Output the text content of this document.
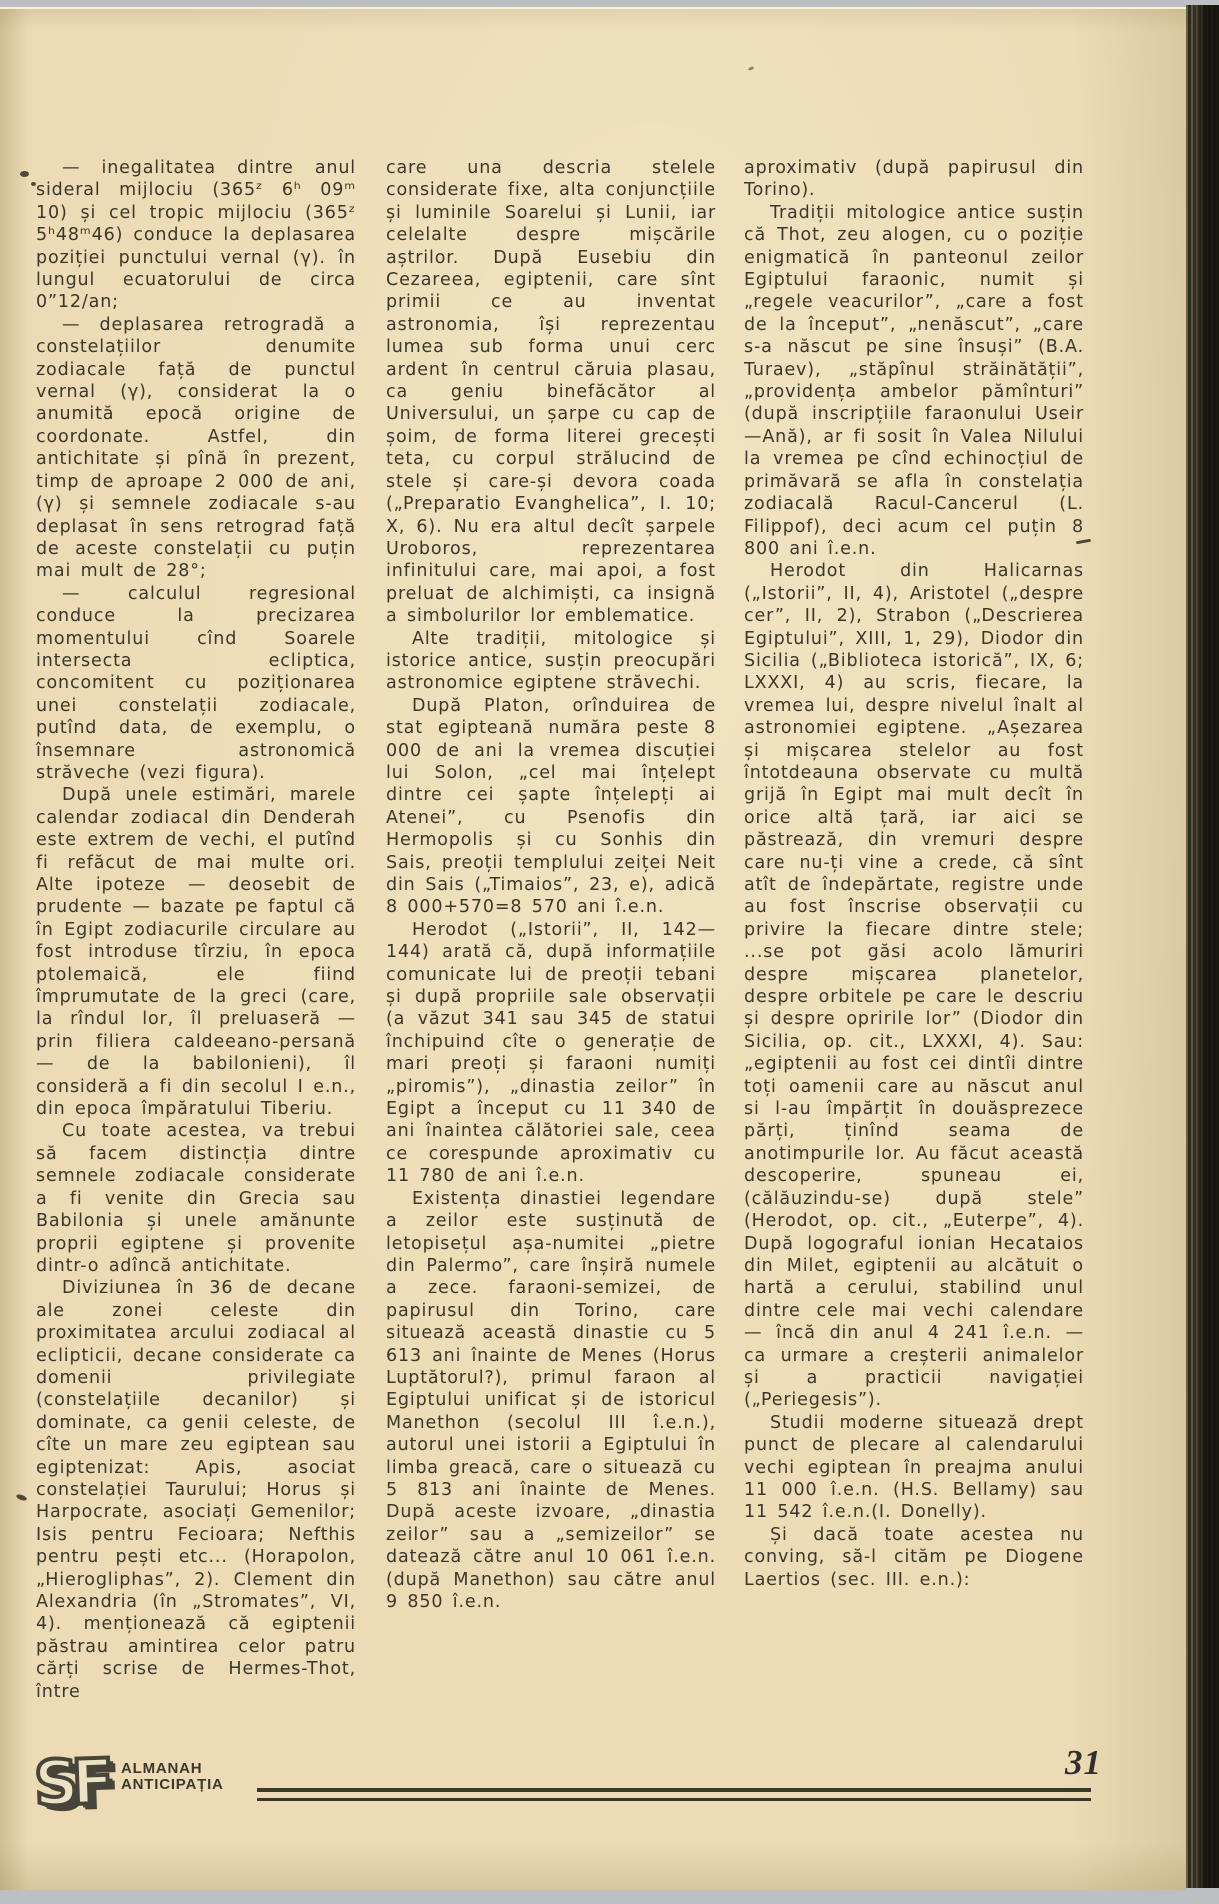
— inegalitatea dintre anul sideral mijlociu (365ᶻ 6ʰ 09ᵐ 10) și cel tropic mijlociu (365ᶻ 5ʰ48ᵐ46) conduce la deplasarea poziției punctului vernal (γ). în lungul ecuatorului de circa 0”12/an;

— deplasarea retrogradă a constelațiilor denumite zodiacale față de punctul vernal (γ), considerat la o anumită epocă origine de coordonate. Astfel, din antichitate și pînă în prezent, timp de aproape 2 000 de ani, (γ) și semnele zodiacale s-au deplasat în sens retrograd față de aceste constelații cu puțin mai mult de 28°;

— calculul regresional conduce la precizarea momentului cînd Soarele intersecta ecliptica, concomitent cu poziționarea unei constelații zodiacale, putînd data, de exemplu, o însemnare astronomică străveche (vezi figura).

După unele estimări, marele calendar zodiacal din Denderah este extrem de vechi, el putînd fi refăcut de mai multe ori. Alte ipoteze — deosebit de prudente — bazate pe faptul că în Egipt zodiacurile circulare au fost introduse tîrziu, în epoca ptolemaică, ele fiind împrumutate de la greci (care, la rîndul lor, îl preluaseră — prin filiera caldeeano-persană — de la babilonieni), îl consideră a fi din secolul I e.n., din epoca împăratului Tiberiu.

Cu toate acestea, va trebui să facem distincția dintre semnele zodiacale considerate a fi venite din Grecia sau Babilonia și unele amănunte proprii egiptene și provenite dintr-o adîncă antichitate.

Diviziunea în 36 de decane ale zonei celeste din proximitatea arcului zodiacal al eclipticii, decane considerate ca domenii privilegiate (constelațiile decanilor) și dominate, ca genii celeste, de cîte un mare zeu egiptean sau egiptenizat: Apis, asociat constelației Taurului; Horus și Harpocrate, asociați Gemenilor; Isis pentru Fecioara; Nefthis pentru pești etc... (Horapolon, „Hierogliphas”, 2). Clement din Alexandria (în „Stromates”, VI, 4). menționează că egiptenii păstrau amintirea celor patru cărți scrise de Hermes-Thot, între

care una descria stelele considerate fixe, alta conjuncțiile și luminile Soarelui și Lunii, iar celelalte despre mișcările aștrilor. După Eusebiu din Cezareea, egiptenii, care sînt primii ce au inventat astronomia, își reprezentau lumea sub forma unui cerc ardent în centrul căruia plasau, ca geniu binefăcător al Universului, un șarpe cu cap de șoim, de forma literei grecești teta, cu corpul strălucind de stele și care-și devora coada („Preparatio Evanghelica”, I. 10; X, 6). Nu era altul decît șarpele Uroboros, reprezentarea infinitului care, mai apoi, a fost preluat de alchimiști, ca insignă a simbolurilor lor emblematice.

Alte tradiții, mitologice și istorice antice, susțin preocupări astronomice egiptene străvechi.

După Platon, orînduirea de stat egipteană număra peste 8 000 de ani la vremea discuției lui Solon, „cel mai înțelept dintre cei șapte înțelepți ai Atenei”, cu Psenofis din Hermopolis și cu Sonhis din Sais, preoții templului zeiței Neit din Sais („Timaios”, 23, e), adică 8 000+570=8 570 ani î.e.n.

Herodot („Istorii”, II, 142—144) arată că, după informațiile comunicate lui de preoții tebani și după propriile sale observații (a văzut 341 sau 345 de statui închipuind cîte o generație de mari preoți și faraoni numiți „piromis”), „dinastia zeilor” în Egipt a început cu 11 340 de ani înaintea călătoriei sale, ceea ce corespunde aproximativ cu 11 780 de ani î.e.n.

Existența dinastiei legendare a zeilor este susținută de letopisețul așa-numitei „pietre din Palermo”, care înșiră numele a zece. faraoni-semizei, de papirusul din Torino, care situează această dinastie cu 5 613 ani înainte de Menes (Horus Luptătorul?), primul faraon al Egiptului unificat și de istoricul Manethon (secolul III î.e.n.), autorul unei istorii a Egiptului în limba greacă, care o situează cu 5 813 ani înainte de Menes. După aceste izvoare, „dinastia zeilor” sau a „semizeilor” se datează către anul 10 061 î.e.n. (după Manethon) sau către anul 9 850 î.e.n.

aproximativ (după papirusul din Torino).

Tradiții mitologice antice susțin că Thot, zeu alogen, cu o poziție enigmatică în panteonul zeilor Egiptului faraonic, numit și „regele veacurilor”, „care a fost de la început”, „nenăscut”, „care s-a născut pe sine însuși” (B.A. Turaev), „stăpînul străinătății”, „providența ambelor pămînturi” (după inscripțiile faraonului Useir—Ană), ar fi sosit în Valea Nilului la vremea pe cînd echinocțiul de primăvară se afla în constelația zodiacală Racul-Cancerul (L. Filippof), deci acum cel puțin 8 800 ani î.e.n.

Herodot din Halicarnas („Istorii”, II, 4), Aristotel („despre cer”, II, 2), Strabon („Descrierea Egiptului”, XIII, 1, 29), Diodor din Sicilia („Biblioteca istorică”, IX, 6; LXXXI, 4) au scris, fiecare, la vremea lui, despre nivelul înalt al astronomiei egiptene. „Așezarea și mișcarea stelelor au fost întotdeauna observate cu multă grijă în Egipt mai mult decît în orice altă țară, iar aici se păstrează, din vremuri despre care nu-ți vine a crede, că sînt atît de îndepărtate, registre unde au fost înscrise observații cu privire la fiecare dintre stele; ...se pot găsi acolo lămuriri despre mișcarea planetelor, despre orbitele pe care le descriu și despre opririle lor” (Diodor din Sicilia, op. cit., LXXXI, 4). Sau: „egiptenii au fost cei dintîi dintre toți oamenii care au născut anul si l-au împărțit în douăsprezece părți, ținînd seama de anotimpurile lor. Au făcut această descoperire, spuneau ei, (călăuzindu-se) după stele” (Herodot, op. cit., „Euterpe”, 4). După logograful ionian Hecataios din Milet, egiptenii au alcătuit o hartă a cerului, stabilind unul dintre cele mai vechi calendare — încă din anul 4 241 î.e.n. — ca urmare a creșterii animalelor și a practicii navigației („Periegesis”).

Studii moderne situează drept punct de plecare al calendarului vechi egiptean în preajma anului 11 000 î.e.n. (H.S. Bellamy) sau 11 542 î.e.n.(I. Donelly).

Și dacă toate acestea nu conving, să-l cităm pe Diogene Laertios (sec. III. e.n.):

SF ALMANAH
ANTICIPAȚIA
31
